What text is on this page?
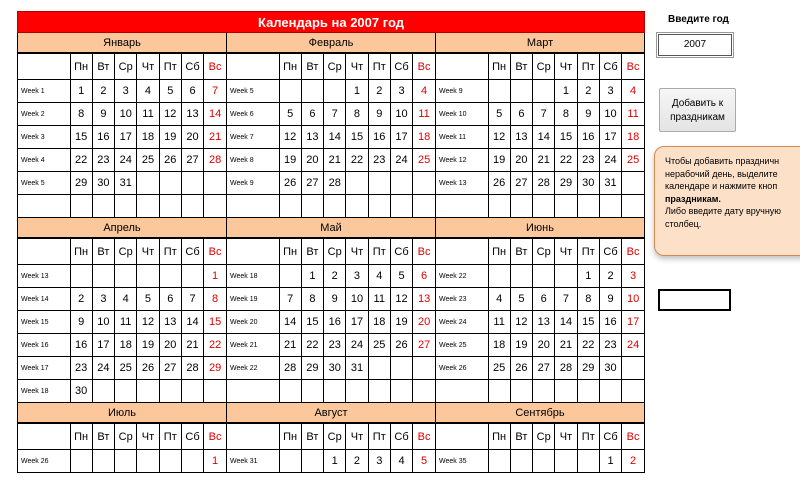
Календарь на 2007 год
Январь
	Пн	Вт	Ср	Чт	Пт	Сб	Вс
Week 1	1	2	3	4	5	6	7
Week 2	8	9	10	11	12	13	14
Week 3	15	16	17	18	19	20	21
Week 4	22	23	24	25	26	27	28
Week 5	29	30	31				

Февраль
	Пн	Вт	Ср	Чт	Пт	Сб	Вс
Week 5				1	2	3	4
Week 6	5	6	7	8	9	10	11
Week 7	12	13	14	15	16	17	18
Week 8	19	20	21	22	23	24	25
Week 9	26	27	28				

Март
	Пн	Вт	Ср	Чт	Пт	Сб	Вс
Week 9				1	2	3	4
Week 10	5	6	7	8	9	10	11
Week 11	12	13	14	15	16	17	18
Week 12	19	20	21	22	23	24	25
Week 13	26	27	28	29	30	31	

Апрель
	Пн	Вт	Ср	Чт	Пт	Сб	Вс
Week 13							1
Week 14	2	3	4	5	6	7	8
Week 15	9	10	11	12	13	14	15
Week 16	16	17	18	19	20	21	22
Week 17	23	24	25	26	27	28	29
Week 18	30						
Май
	Пн	Вт	Ср	Чт	Пт	Сб	Вс
Week 18		1	2	3	4	5	6
Week 19	7	8	9	10	11	12	13
Week 20	14	15	16	17	18	19	20
Week 21	21	22	23	24	25	26	27
Week 22	28	29	30	31			

Июнь
	Пн	Вт	Ср	Чт	Пт	Сб	Вс
Week 22					1	2	3
Week 23	4	5	6	7	8	9	10
Week 24	11	12	13	14	15	16	17
Week 25	18	19	20	21	22	23	24
Week 26	25	26	27	28	29	30	

Июль
	Пн	Вт	Ср	Чт	Пт	Сб	Вс
Week 26							1
Август
	Пн	Вт	Ср	Чт	Пт	Сб	Вс
Week 31			1	2	3	4	5
Сентябрь
	Пн	Вт	Ср	Чт	Пт	Сб	Вс
Week 35						1	2
Введите год
2007
Добавить к
праздникам
Чтобы добавить праздничн
нерабочий день, выделите
календаре и нажмите кноп
праздникам.
Либо введите дату вручную
столбец.
